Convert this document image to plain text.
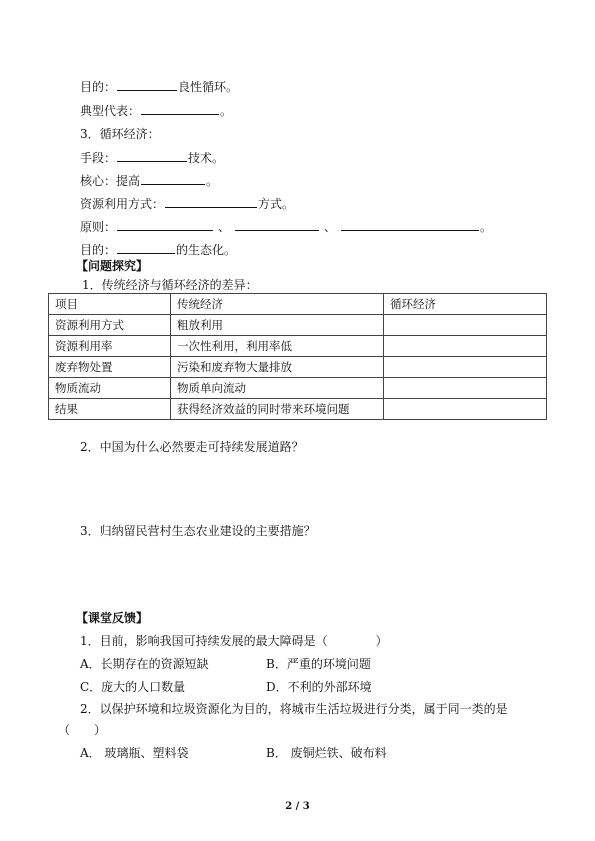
目的：	良性循环。
典型代表：	。
3．循环经济：
手段：	技术。
核心：提高	。
资源利用方式：	方式。
原则：	、	、	。
目的：	的生态化。
【问题探究】
1．传统经济与循环经济的差异：
项目	传统经济	循环经济
资源利用方式	粗放利用	
资源利用率	一次性利用，利用率低	
废弃物处置	污染和废弃物大量排放	
物质流动	物质单向流动	
结果	获得经济效益的同时带来环境问题	
2．中国为什么必然要走可持续发展道路？
3．归纳留民营村生态农业建设的主要措施？
【课堂反馈】
1．目前，影响我国可持续发展的最大障碍是（　　　　）
A．长期存在的资源短缺	B．严重的环境问题
C．庞大的人口数量	D．不利的外部环境
2．以保护环境和垃圾资源化为目的，将城市生活垃圾进行分类，属于同一类的是
（　　）
A． 玻璃瓶、塑料袋	B． 废铜烂铁、破布料
2 / 3
